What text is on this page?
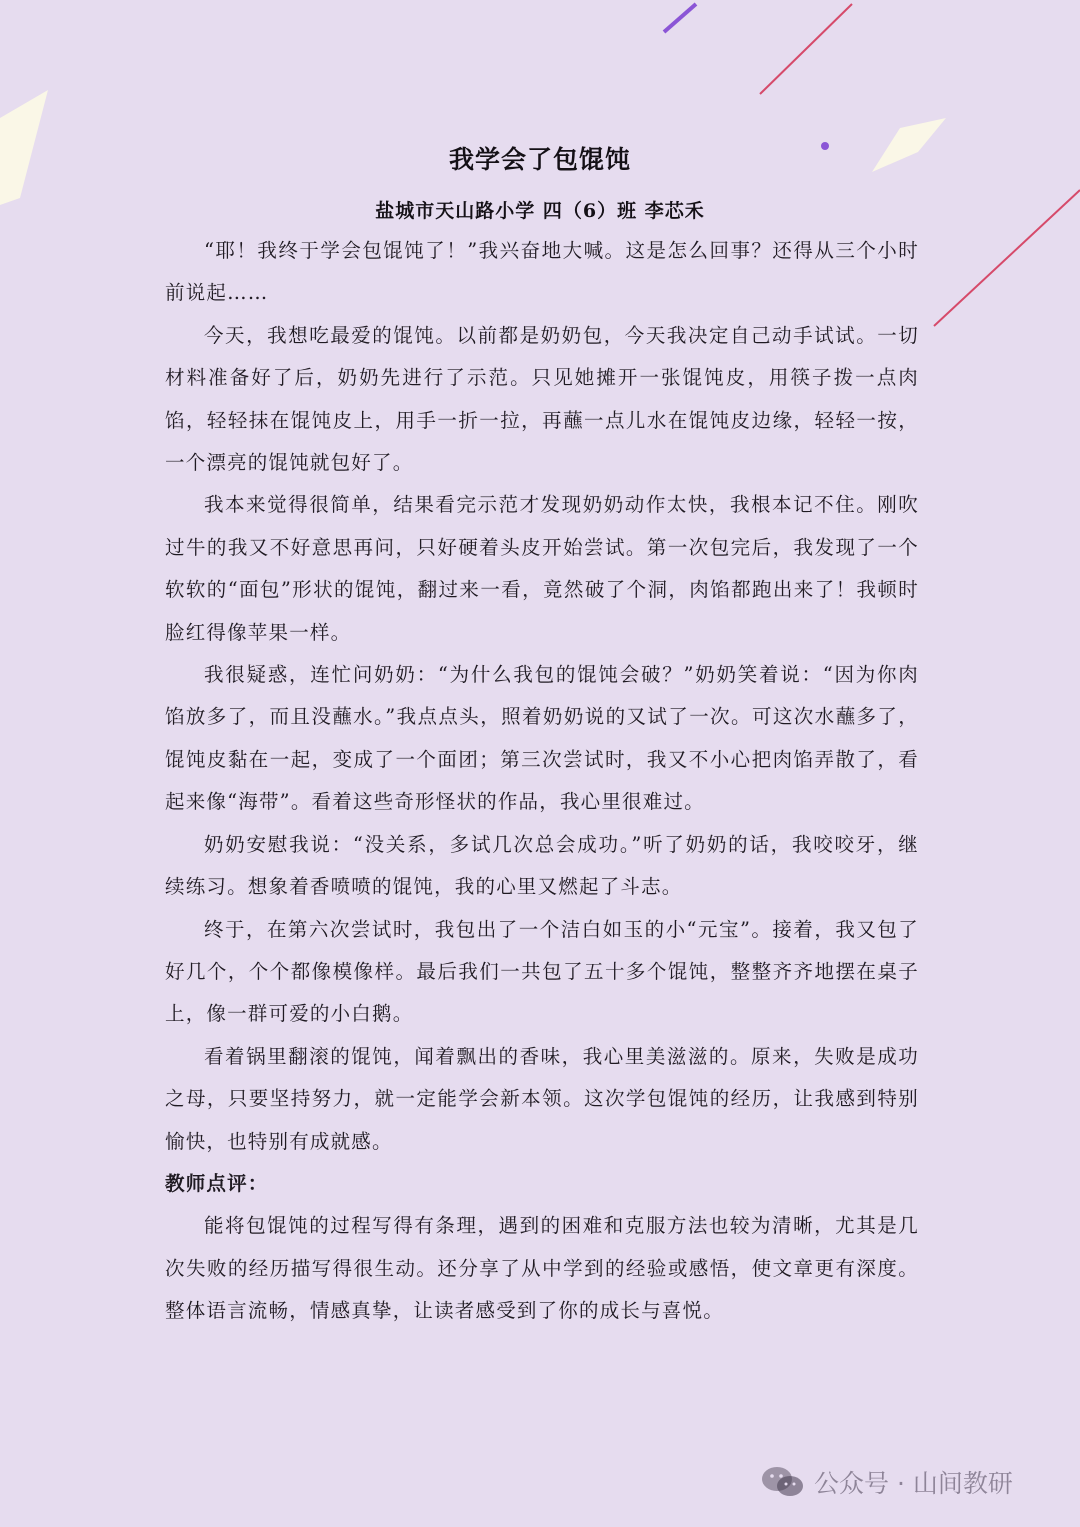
我学会了包馄饨
盐城市天山路小学 四（6）班 李芯禾

“耶！我终于学会包馄饨了！”我兴奋地大喊。这是怎么回事？还得从三个小时前说起……

今天，我想吃最爱的馄饨。以前都是奶奶包，今天我决定自己动手试试。一切材料准备好了后，奶奶先进行了示范。只见她摊开一张馄饨皮，用筷子拨一点肉馅，轻轻抹在馄饨皮上，用手一折一拉，再蘸一点儿水在馄饨皮边缘，轻轻一按，一个漂亮的馄饨就包好了。

我本来觉得很简单，结果看完示范才发现奶奶动作太快，我根本记不住。刚吹过牛的我又不好意思再问，只好硬着头皮开始尝试。第一次包完后，我发现了一个软软的“面包”形状的馄饨，翻过来一看，竟然破了个洞，肉馅都跑出来了！我顿时脸红得像苹果一样。

我很疑惑，连忙问奶奶：“为什么我包的馄饨会破？”奶奶笑着说：“因为你肉馅放多了，而且没蘸水。”我点点头，照着奶奶说的又试了一次。可这次水蘸多了，馄饨皮黏在一起，变成了一个面团；第三次尝试时，我又不小心把肉馅弄散了，看起来像“海带”。看着这些奇形怪状的作品，我心里很难过。

奶奶安慰我说：“没关系，多试几次总会成功。”听了奶奶的话，我咬咬牙，继续练习。想象着香喷喷的馄饨，我的心里又燃起了斗志。

终于，在第六次尝试时，我包出了一个洁白如玉的小“元宝”。接着，我又包了好几个，个个都像模像样。最后我们一共包了五十多个馄饨，整整齐齐地摆在桌子上，像一群可爱的小白鹅。

看着锅里翻滚的馄饨，闻着飘出的香味，我心里美滋滋的。原来，失败是成功之母，只要坚持努力，就一定能学会新本领。这次学包馄饨的经历，让我感到特别愉快，也特别有成就感。

教师点评：

能将包馄饨的过程写得有条理，遇到的困难和克服方法也较为清晰，尤其是几次失败的经历描写得很生动。还分享了从中学到的经验或感悟，使文章更有深度。整体语言流畅，情感真挚，让读者感受到了你的成长与喜悦。

公众号 · 山间教研
